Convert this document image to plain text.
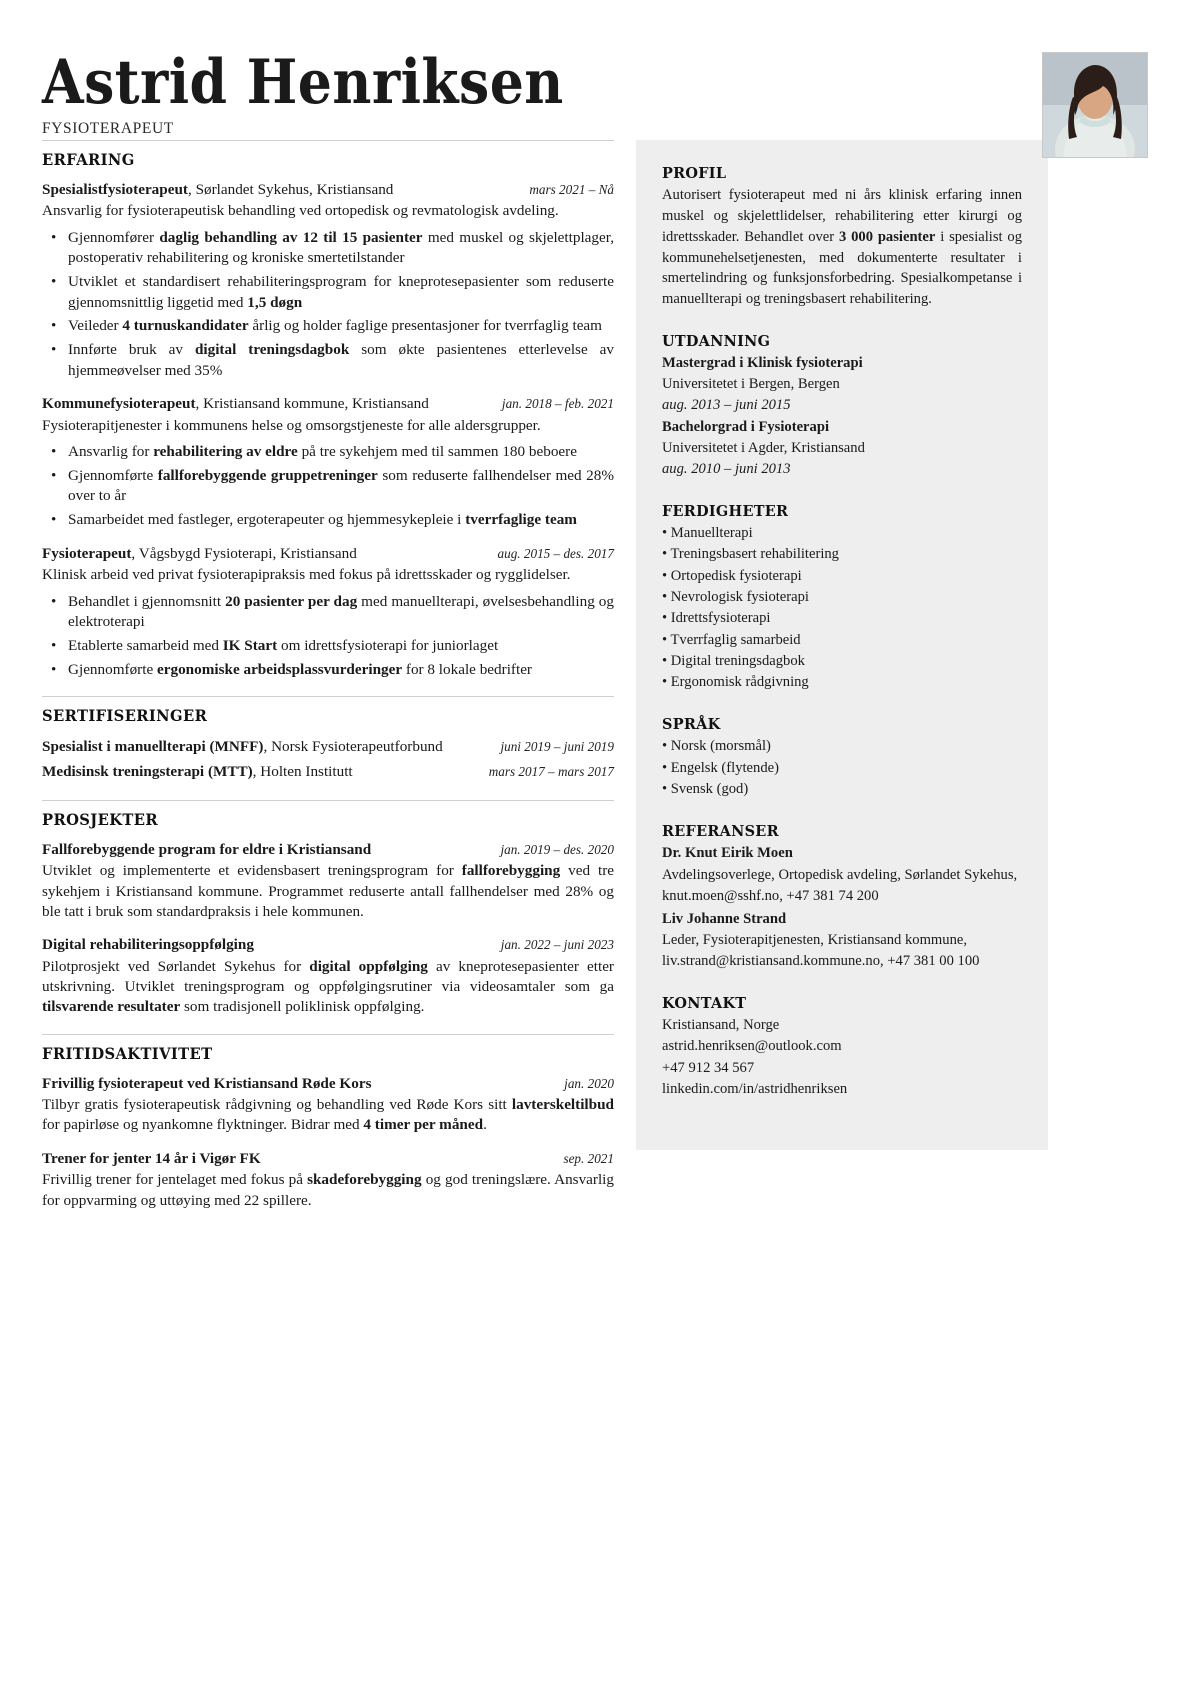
Astrid Henriksen
FYSIOTERAPEUT
ERFARING
Spesialistfysioterapeut, Sørlandet Sykehus, Kristiansand	mars 2021 – Nå
Ansvarlig for fysioterapeutisk behandling ved ortopedisk og revmatologisk avdeling.
• Gjennomfører daglig behandling av 12 til 15 pasienter med muskel og skjelettplager, postoperativ rehabilitering og kroniske smertetilstander
• Utviklet et standardisert rehabiliteringsprogram for kneprotesepasienter som reduserte gjennomsnittlig liggetid med 1,5 døgn
• Veileder 4 turnuskandidater årlig og holder faglige presentasjoner for tverrfaglig team
• Innførte bruk av digital treningsdagbok som økte pasientenes etterlevelse av hjemmeøvelser med 35%
Kommunefysioterapeut, Kristiansand kommune, Kristiansand	jan. 2018 – feb. 2021
Fysioterapitjenester i kommunens helse og omsorgstjeneste for alle aldersgrupper.
• Ansvarlig for rehabilitering av eldre på tre sykehjem med til sammen 180 beboere
• Gjennomførte fallforebyggende gruppetreninger som reduserte fallhendelser med 28% over to år
• Samarbeidet med fastleger, ergoterapeuter og hjemmesykepleie i tverrfaglige team
Fysioterapeut, Vågsbygd Fysioterapi, Kristiansand	aug. 2015 – des. 2017
Klinisk arbeid ved privat fysioterapipraksis med fokus på idrettsskader og rygglidelser.
• Behandlet i gjennomsnitt 20 pasienter per dag med manuellterapi, øvelsesbehandling og elektroterapi
• Etablerte samarbeid med IK Start om idrettsfysioterapi for juniorlaget
• Gjennomførte ergonomiske arbeidsplassvurderinger for 8 lokale bedrifter
SERTIFISERINGER
Spesialist i manuellterapi (MNFF), Norsk Fysioterapeutforbund	juni 2019 – juni 2019
Medisinsk treningsterapi (MTT), Holten Institutt	mars 2017 – mars 2017
PROSJEKTER
Fallforebyggende program for eldre i Kristiansand	jan. 2019 – des. 2020
Utviklet og implementerte et evidensbasert treningsprogram for fallforebygging ved tre sykehjem i Kristiansand kommune. Programmet reduserte antall fallhendelser med 28% og ble tatt i bruk som standardpraksis i hele kommunen.
Digital rehabiliteringsoppfølging	jan. 2022 – juni 2023
Pilotprosjekt ved Sørlandet Sykehus for digital oppfølging av kneprotesepasienter etter utskrivning. Utviklet treningsprogram og oppfølgingsrutiner via videosamtaler som ga tilsvarende resultater som tradisjonell poliklinisk oppfølging.
FRITIDSAKTIVITET
Frivillig fysioterapeut ved Kristiansand Røde Kors	jan. 2020
Tilbyr gratis fysioterapeutisk rådgivning og behandling ved Røde Kors sitt lavterskeltilbud for papirløse og nyankomne flyktninger. Bidrar med 4 timer per måned.
Trener for jenter 14 år i Vigør FK	sep. 2021
Frivillig trener for jentelaget med fokus på skadeforebygging og god treningslære. Ansvarlig for oppvarming og uttøying med 22 spillere.
PROFIL
Autorisert fysioterapeut med ni års klinisk erfaring innen muskel og skjelettlidelser, rehabilitering etter kirurgi og idrettsskader. Behandlet over 3 000 pasienter i spesialist og kommunehelsetjenesten, med dokumenterte resultater i smertelindring og funksjonsforbedring. Spesialkompetanse i manuellterapi og treningsbasert rehabilitering.
UTDANNING
Mastergrad i Klinisk fysioterapi
Universitetet i Bergen, Bergen
aug. 2013 – juni 2015
Bachelorgrad i Fysioterapi
Universitetet i Agder, Kristiansand
aug. 2010 – juni 2013
FERDIGHETER
• Manuellterapi
• Treningsbasert rehabilitering
• Ortopedisk fysioterapi
• Nevrologisk fysioterapi
• Idrettsfysioterapi
• Tverrfaglig samarbeid
• Digital treningsdagbok
• Ergonomisk rådgivning
SPRÅK
• Norsk (morsmål)
• Engelsk (flytende)
• Svensk (god)
REFERANSER
Dr. Knut Eirik Moen
Avdelingsoverlege, Ortopedisk avdeling, Sørlandet Sykehus, knut.moen@sshf.no, +47 381 74 200
Liv Johanne Strand
Leder, Fysioterapitjenesten, Kristiansand kommune, liv.strand@kristiansand.kommune.no, +47 381 00 100
KONTAKT
Kristiansand, Norge
astrid.henriksen@outlook.com
+47 912 34 567
linkedin.com/in/astridhenriksen
